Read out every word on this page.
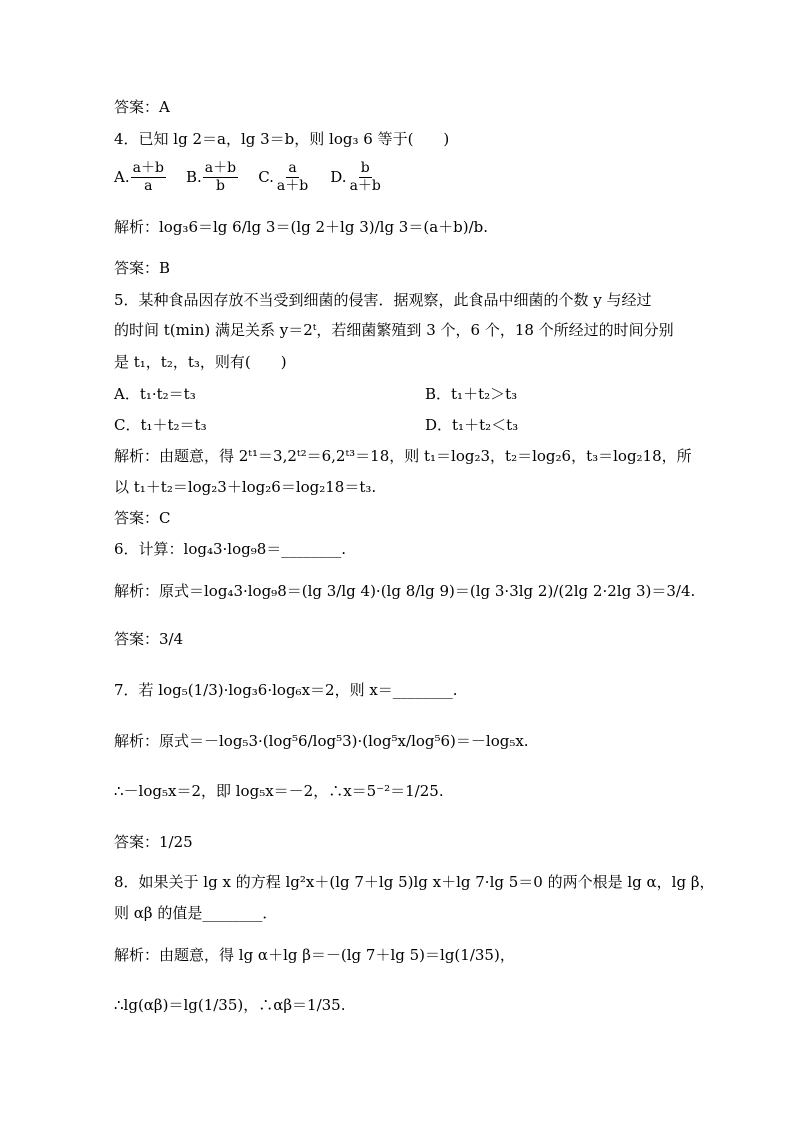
答案：A
4．已知 lg 2＝a，lg 3＝b，则 log₃ 6 等于(　　)
A. $\frac{a+b}{a} B$. $\frac{a+b}{b} C$. $\frac{a}{a+b} D$. $\frac{b}{a+b}$
解析：log₃6＝lg 6/lg 3＝(lg 2＋lg 3)/lg 3＝(a＋b)/b.
答案：B
5．某种食品因存放不当受到细菌的侵害．据观察，此食品中细菌的个数 y 与经过
的时间 t(min) 满足关系 y＝2ᵗ，若细菌繁殖到 3 个，6 个，18 个所经过的时间分别
是 t₁，t₂，t₃，则有(　　)
A．t₁·t₂＝t₃	B．t₁＋t₂＞t₃
C．t₁＋t₂＝t₃	D．t₁＋t₂＜t₃
解析：由题意，得 2ᵗ¹＝3,2ᵗ²＝6,2ᵗ³＝18，则 t₁＝log₂3，t₂＝log₂6，t₃＝log₂18，所
以 t₁＋t₂＝log₂3＋log₂6＝log₂18＝t₃.
答案：C
6．计算：log₄3·log₉8＝________.
解析：原式＝log₄3·log₉8＝(lg 3/lg 4)·(lg 8/lg 9)＝(lg 3·3lg 2)/(2lg 2·2lg 3)＝3/4.
答案：3/4
7．若 log₅(1/3)·log₃6·log₆x＝2，则 x＝________.
解析：原式＝－log₅3·(log⁵6/log⁵3)·(log⁵x/log⁵6)＝－log₅x.
∴－log₅x＝2，即 log₅x＝－2，∴x＝5⁻²＝1/25.
答案：1/25
8．如果关于 lg x 的方程 lg²x＋(lg 7＋lg 5)lg x＋lg 7·lg 5＝0 的两个根是 lg α，lg β，
则 αβ 的值是________．
解析：由题意，得 lg α＋lg β＝－(lg 7＋lg 5)＝lg(1/35)，
∴lg(αβ)＝lg(1/35)，∴αβ＝1/35.
